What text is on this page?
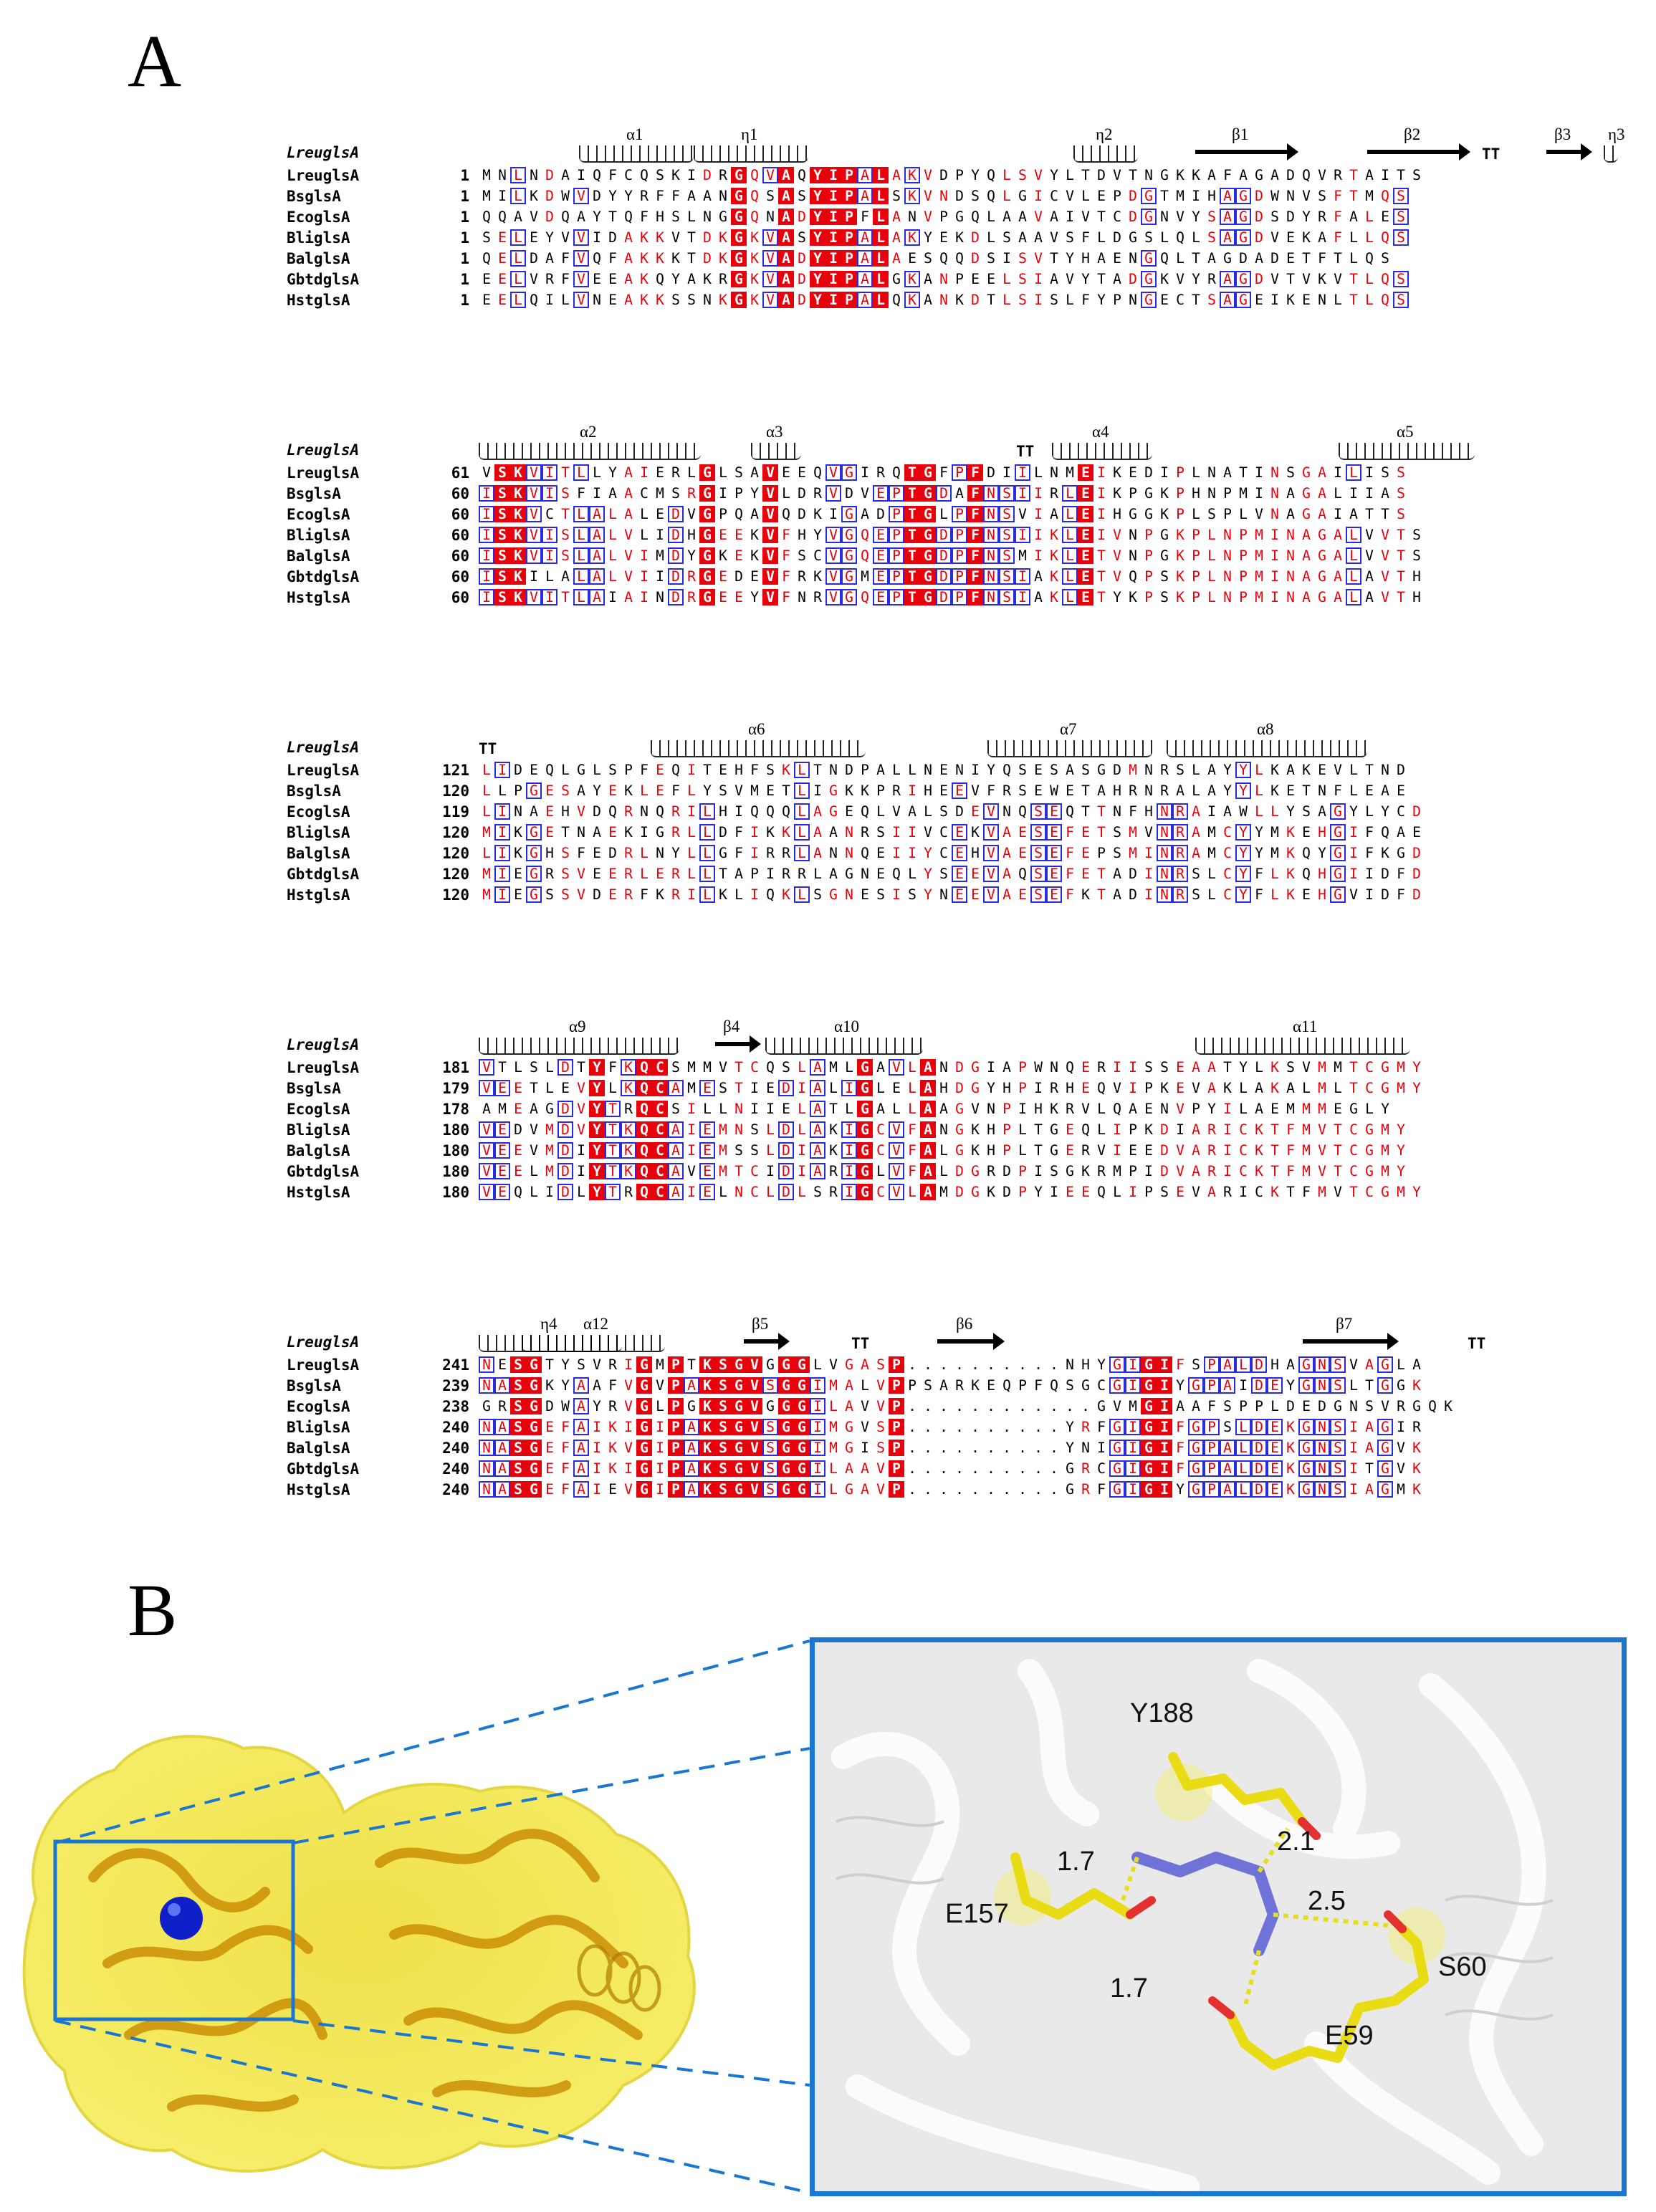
A
B
LreuglsA
α1	η1	η2	β1	β2
TT
β3 η3
LreuglsA	1 M N L N D A I Q F C Q S K I D R G Q V A Q Y I P A L A K V D P Y Q L S V Y L T D V T N G K K A F A G A D Q V R T A I T S
BsglsA	1 M I L K D W V D Y Y R F F A A N G Q S A S Y I P A L S K V N D S Q L G I C V L E P D G T M I H A G D W N V S F T M Q S
EcoglsA	1 Q Q A V D Q A Y T Q F H S L N G G Q N A D Y I P F L A N V P G Q L A A V A I V T C D G N V Y S A G D S D Y R F A L E S
BliglsA	1 S E L E Y V V I D A K K V T D K G K V A S Y I P A L A K Y E K D L S A A V S F L D G S L Q L S A G D V E K A F L L Q S
BalglsA	1 Q E L D A F V Q F A K K K T D K G K V A D Y I P A L A E S Q Q D S I S V T Y H A E N G Q L T A G D A D E T F T L Q S
GbtdglsA	1 E E L V R F V E E A K Q Y A K R G K V A D Y I P A L G K A N P E E L S I A V Y T A D G K V Y R A G D V T V K V T L Q S
HstglsA	1 E E L Q I L V N E A K K S S N K G K V A D Y I P A L Q K A N K D T L S I S L F Y P N G E C T S A G E I K E N L T L Q S
LreuglsA
α2	α3
TT
α4	α5
LreuglsA	61 V S K V I T L L Y A I E R L G L S A V E E Q V G I R Q T G F P F D I I L N M E I K E D I P L N A T I N S G A I L I S S
BsglsA	60 I S K V I S F I A A C M S R G I P Y V L D R V D V E P T G D A F N S I I R L E I K P G K P H N P M I N A G A L I I A S
EcoglsA	60 I S K V C T L A L A L E D V G P Q A V Q D K I G A D P T G L P F N S V I A L E I H G G K P L S P L V N A G A I A T T S
BliglsA	60 I S K V I S L A L V L I D H G E E K V F H Y V G Q E P T G D P F N S I I K L E I V N P G K P L N P M I N A G A L V V T S
BalglsA	60 I S K V I S L A L V I M D Y G K E K V F S C V G Q E P T G D P F N S M I K L E T V N P G K P L N P M I N A G A L V V T S
GbtdglsA	60 I S K I L A L A L V I I D R G E D E V F R K V G M E P T G D P F N S I A K L E T V Q P S K P L N P M I N A G A L A V T H
HstglsA	60 I S K V I T L A I A I N D R G E E Y V F N R V G Q E P T G D P F N S I A K L E T Y K P S K P L N P M I N A G A L A V T H
LreuglsA	TT
α6	α7	α8
LreuglsA	121 L I D E Q L G L S P F E Q I T E H F S K L T N D P A L L N E N I Y Q S E S A S G D M N R S L A Y Y L K A K E V L T N D
BsglsA	120 L L P G E S A Y E K L E F L Y S V M E T L I G K K P R I H E E V F R S E W E T A H R N R A L A Y Y L K E T N F L E A E
EcoglsA	119 L I N A E H V D Q R N Q R I L H I Q Q Q L A G E Q L V A L S D E V N Q S E Q T T N F H N R A I A W L L Y S A G Y L Y C D
BliglsA	120 M I K G E T N A E K I G R L L D F I K K L A A N R S I I V C E K V A E S E F E T S M V N R A M C Y Y M K E H G I F Q A E
BalglsA	120 L I K G H S F E D R L N Y L L G F I R R L A N N Q E I I Y C E H V A E S E F E P S M I N R A M C Y Y M K Q Y G I F K G D
GbtdglsA	120 M I E G R S V E E R L E R L L T A P I R R L A G N E Q L Y S E E V A Q S E F E T A D I N R S L C Y F L K Q H G I I D F D
HstglsA	120 M I E G S S V D E R F K R I L K L I Q K L S G N E S I S Y N E E V A E S E F K T A D I N R S L C Y F L K E H G V I D F D
LreuglsA
α9	β4	α10	α11
LreuglsA	181 V T L S L D T Y F K Q C S M M V T C Q S L A M L G A V L A N D G I A P W N Q E R I I S S E A A T Y L K S V M M T C G M Y
BsglsA	179 V E E T L E V Y L K Q C A M E S T I E D I A L I G L E L A H D G Y H P I R H E Q V I P K E V A K L A K A L M L T C G M Y
EcoglsA	178 A M E A G D V Y T R Q C S I L L N I I E L A T L G A L L A A G V N P I H K R V L Q A E N V P Y I L A E M M M E G L Y
BliglsA	180 V E D V M D V Y T K Q C A I E M N S L D L A K I G C V F A N G K H P L T G E Q L I P K D I A R I C K T F M V T C G M Y
BalglsA	180 V E E V M D I Y T K Q C A I E M S S L D I A K I G C V F A L G K H P L T G E R V I E E D V A R I C K T F M V T C G M Y
GbtdglsA	180 V E E L M D I Y T K Q C A V E M T C I D I A R I G L V F A L D G R D P I S G K R M P I D V A R I C K T F M V T C G M Y
HstglsA	180 V E Q L I D L Y T R Q C A I E L N C L D L S R I G C V L A M D G K D P Y I E E Q L I P S E V A R I C K T F M V T C G M Y
LreuglsA
η4 α12	β5
TT
β6	β7
TT
LreuglsA	241 N E S G T Y S V R I G M P T K S G V G G G L V G A S P . . . . . . . . . . N H Y G I G I F S P A L D H A G N S V A G L A
BsglsA	239 N A S G K Y A A F V G V P A K S G V S G G I M A L V P P S A R K E Q P F Q S G C G I G I Y G P A I D E Y G N S L T G G K
EcoglsA	238 G R S G D W A Y R V G L P G K S G V G G G I L A V V P . . . . . . . . . . . . G V M G I A A F S P P L D E D G N S V R G Q K
BliglsA	240 N A S G E F A I K I G I P A K S G V S G G I M G V S P . . . . . . . . . . Y R F G I G I F G P S L D E K G N S I A G I R
BalglsA	240 N A S G E F A I K V G I P A K S G V S G G I M G I S P . . . . . . . . . . Y N I G I G I F G P A L D E K G N S I A G V K
GbtdglsA	240 N A S G E F A I K I G I P A K S G V S G G I L A A V P . . . . . . . . . . G R C G I G I F G P A L D E K G N S I T G V K
HstglsA	240 N A S G E F A I E V G I P A K S G V S G G I L G A V P . . . . . . . . . . G R F G I G I Y G P A L D E K G N S I A G M K
Y188
2.1
1.7
E157	2.5
S60
1.7
E59
